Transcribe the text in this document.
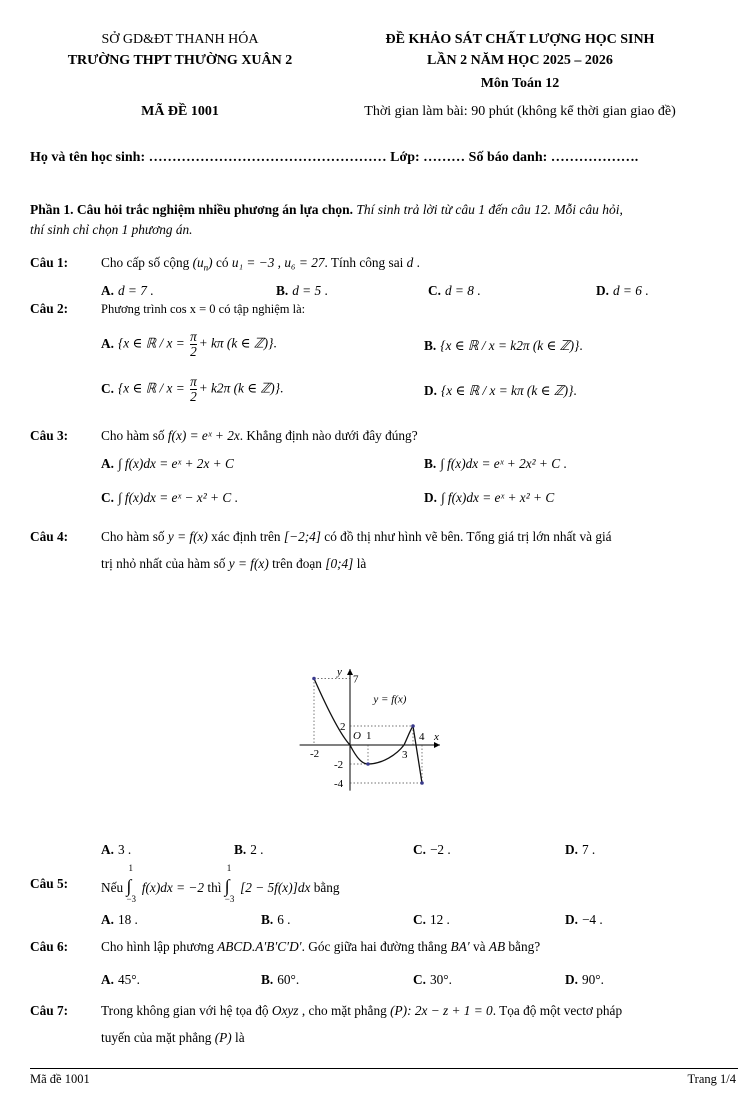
SỞ GD&ĐT THANH HÓA
TRƯỜNG THPT THƯỜNG XUÂN 2
MÃ ĐỀ 1001
ĐỀ KHẢO SÁT CHẤT LƯỢNG HỌC SINH
LẦN 2 NĂM HỌC 2025 – 2026
Môn Toán 12
Thời gian làm bài: 90 phút (không kể thời gian giao đề)
Họ và tên học sinh: …………………………………………… Lớp: ……… Số báo danh: ……………….
Phần 1. Câu hỏi trắc nghiệm nhiều phương án lựa chọn. Thí sinh trả lời từ câu 1 đến câu 12. Mỗi câu hỏi,
thí sinh chỉ chọn 1 phương án.
Câu 1: Cho cấp số cộng $(u_n)$ có u₁ = −3 , u₆ = 27. Tính công sai d .
A. d = 7 .	B. d = 5 .	C. d = 8 .	D. d = 6 .
Câu 2:	Phương trình cos x = 0 có tập nghiệm là:
A. {x ∈ ℝ / $x = \frac{\pi}{2} + k\pi$ (k ∈ ℤ)}.	B. {x ∈ ℝ / x = k2π (k ∈ ℤ)}.
C. {x ∈ ℝ / $x = \frac{\pi}{2} + k2\pi$ (k ∈ ℤ)}.	D. {x ∈ ℝ / x = kπ (k ∈ ℤ)}.
Câu 3: Cho hàm số f(x) = eˣ + 2x. Khẳng định nào dưới đây đúng?
A. ∫ f(x)dx = eˣ + 2x + C	B. ∫ f(x)dx = eˣ + 2x² + C .
C. ∫ f(x)dx = eˣ − x² + C .	D. ∫ f(x)dx = eˣ + x² + C
Câu 4: Cho hàm số y = f(x) xác định trên [−2;4] có đồ thị như hình vẽ bên. Tổng giá trị lớn nhất và giá
trị nhỏ nhất của hàm số y = f(x) trên đoạn [0;4] là
y
x
7
2
-2
-4
-2	3
4
O 1
y = f(x)
A. 3 .	B. 2 .	C. −2 .	D. 7 .
Câu 5: Nếu
1
∫
−3
f(x)dx = −2 thì
1
∫
−3
[2 − 5f(x)]dx bằng
A. 18 .	B. 6 .	C. 12 .	D. −4 .
Câu 6: Cho hình lập phương ABCD.A′B′C′D′. Góc giữa hai đường thẳng BA′ và AB bằng?
A. 45°.	B. 60°.	C. 30°.	D. 90°.
Câu 7: Trong không gian với hệ tọa độ Oxyz , cho mặt phẳng (P): 2x − z + 1 = 0. Tọa độ một vectơ pháp
tuyến của mặt phẳng (P) là
Mã đề 1001	Trang 1/4
